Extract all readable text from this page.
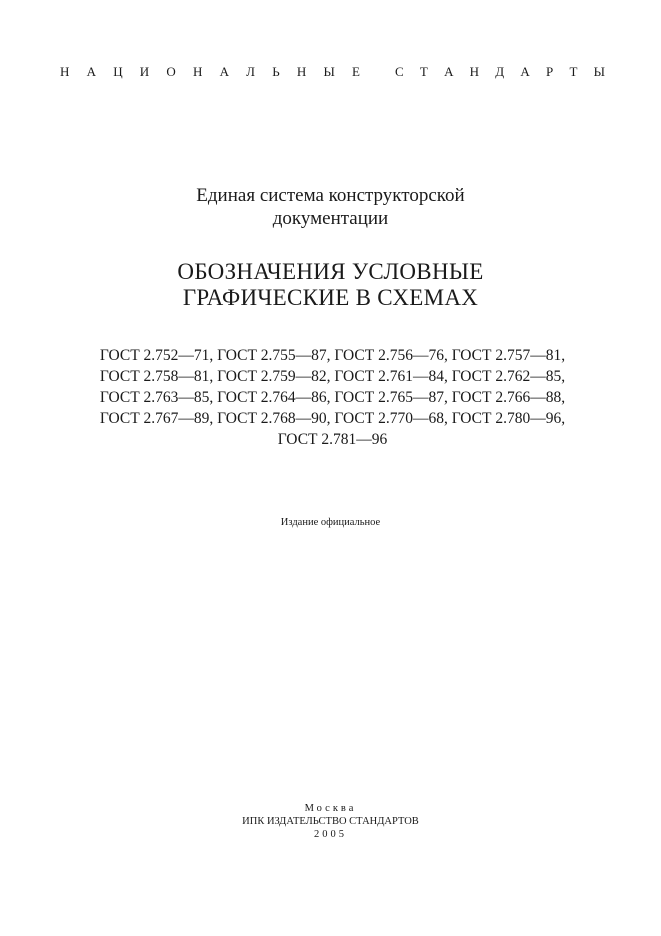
Н А Ц И О Н А Л Ь Н Ы Е	С Т А Н Д А Р Т Ы
Единая система конструкторской
документации
ОБОЗНАЧЕНИЯ УСЛОВНЫЕ
ГРАФИЧЕСКИЕ В СХЕМАХ
ГОСТ 2.752—71, ГОСТ 2.755—87, ГОСТ 2.756—76, ГОСТ 2.757—81,
ГОСТ 2.758—81, ГОСТ 2.759—82, ГОСТ 2.761—84, ГОСТ 2.762—85,
ГОСТ 2.763—85, ГОСТ 2.764—86, ГОСТ 2.765—87, ГОСТ 2.766—88,
ГОСТ 2.767—89, ГОСТ 2.768—90, ГОСТ 2.770—68, ГОСТ 2.780—96,
ГОСТ 2.781—96
Издание официальное
Москва
ИПК ИЗДАТЕЛЬСТВО СТАНДАРТОВ
2005
